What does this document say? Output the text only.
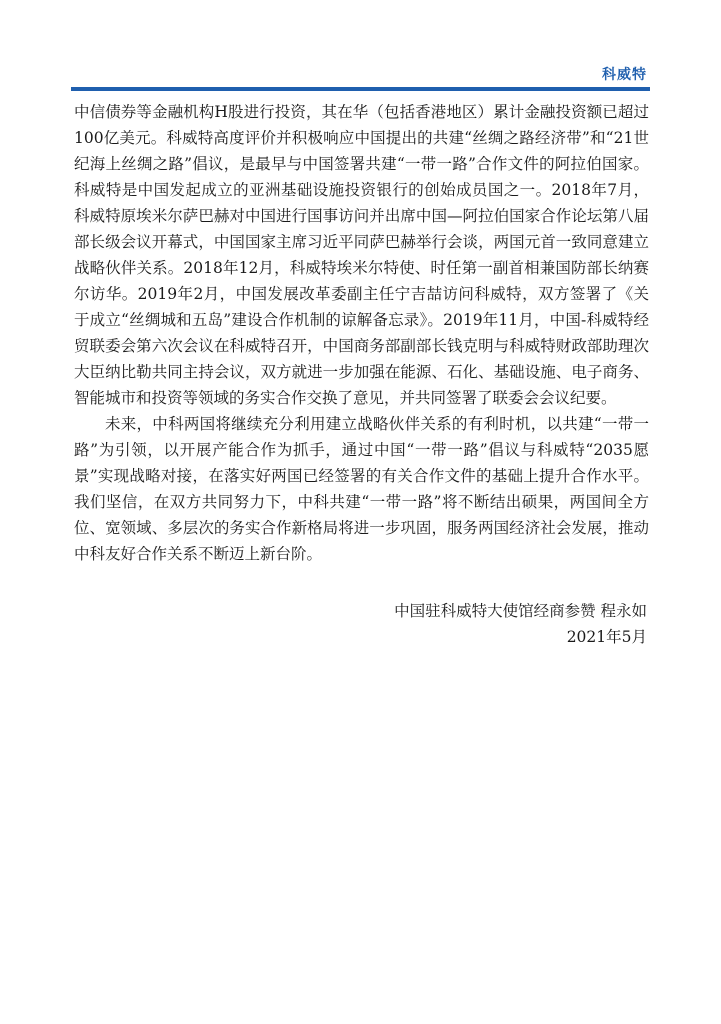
科威特

中信债券等金融机构H股进行投资，其在华（包括香港地区）累计金融投资额已超过100亿美元。科威特高度评价并积极响应中国提出的共建“丝绸之路经济带”和“21世纪海上丝绸之路”倡议，是最早与中国签署共建“一带一路”合作文件的阿拉伯国家。科威特是中国发起成立的亚洲基础设施投资银行的创始成员国之一。2018年7月，科威特原埃米尔萨巴赫对中国进行国事访问并出席中国—阿拉伯国家合作论坛第八届部长级会议开幕式，中国国家主席习近平同萨巴赫举行会谈，两国元首一致同意建立战略伙伴关系。2018年12月，科威特埃米尔特使、时任第一副首相兼国防部长纳赛尔访华。2019年2月，中国发展改革委副主任宁吉喆访问科威特，双方签署了《关于成立“丝绸城和五岛”建设合作机制的谅解备忘录》。2019年11月，中国-科威特经贸联委会第六次会议在科威特召开，中国商务部副部长钱克明与科威特财政部助理次大臣纳比勒共同主持会议，双方就进一步加强在能源、石化、基础设施、电子商务、智能城市和投资等领域的务实合作交换了意见，并共同签署了联委会会议纪要。

未来，中科两国将继续充分利用建立战略伙伴关系的有利时机，以共建“一带一路”为引领，以开展产能合作为抓手，通过中国“一带一路”倡议与科威特“2035愿景”实现战略对接，在落实好两国已经签署的有关合作文件的基础上提升合作水平。我们坚信，在双方共同努力下，中科共建“一带一路”将不断结出硕果，两国间全方位、宽领域、多层次的务实合作新格局将进一步巩固，服务两国经济社会发展，推动中科友好合作关系不断迈上新台阶。

中国驻科威特大使馆经商参赞 程永如
2021年5月
